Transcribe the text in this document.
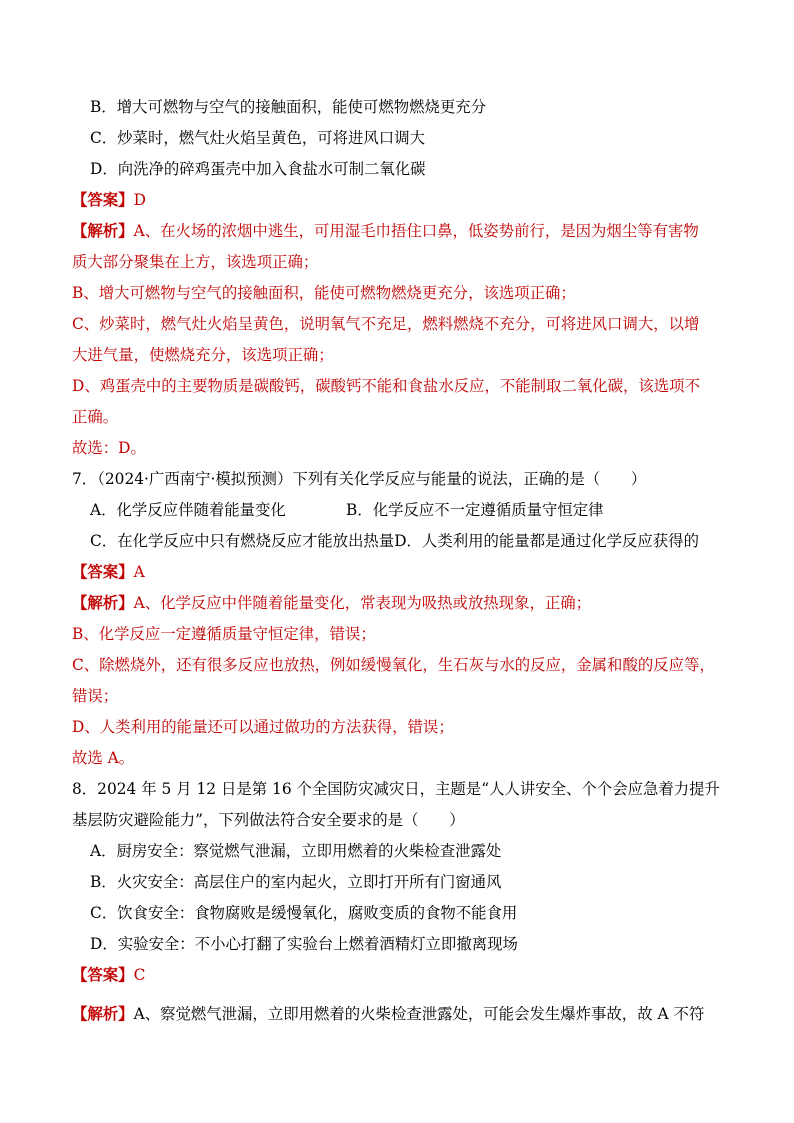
B．增大可燃物与空气的接触面积，能使可燃物燃烧更充分
C．炒菜时，燃气灶火焰呈黄色，可将进风口调大
D．向洗净的碎鸡蛋壳中加入食盐水可制二氧化碳
【答案】D
【解析】A、在火场的浓烟中逃生，可用湿毛巾捂住口鼻，低姿势前行，是因为烟尘等有害物
质大部分聚集在上方，该选项正确；
B、增大可燃物与空气的接触面积，能使可燃物燃烧更充分，该选项正确；
C、炒菜时，燃气灶火焰呈黄色，说明氧气不充足，燃料燃烧不充分，可将进风口调大，以增
大进气量，使燃烧充分，该选项正确；
D、鸡蛋壳中的主要物质是碳酸钙，碳酸钙不能和食盐水反应，不能制取二氧化碳，该选项不
正确。
故选：D。
7．（2024·广西南宁·模拟预测）下列有关化学反应与能量的说法，正确的是（　　）
A．化学反应伴随着能量变化	B．化学反应不一定遵循质量守恒定律
C．在化学反应中只有燃烧反应才能放出热量D．人类利用的能量都是通过化学反应获得的
【答案】A
【解析】A、化学反应中伴随着能量变化，常表现为吸热或放热现象，正确；
B、化学反应一定遵循质量守恒定律，错误；
C、除燃烧外，还有很多反应也放热，例如缓慢氧化，生石灰与水的反应，金属和酸的反应等，
错误；
D、人类利用的能量还可以通过做功的方法获得，错误；
故选 A。
8．2024 年 5 月 12 日是第 16 个全国防灾减灾日，主题是“人人讲安全、个个会应急着力提升
基层防灾避险能力”，下列做法符合安全要求的是（　　）
A．厨房安全：察觉燃气泄漏，立即用燃着的火柴检查泄露处
B．火灾安全：高层住户的室内起火，立即打开所有门窗通风
C．饮食安全：食物腐败是缓慢氧化，腐败变质的食物不能食用
D．实验安全：不小心打翻了实验台上燃着酒精灯立即撤离现场
【答案】C
【解析】A、察觉燃气泄漏，立即用燃着的火柴检查泄露处，可能会发生爆炸事故，故 A 不符
